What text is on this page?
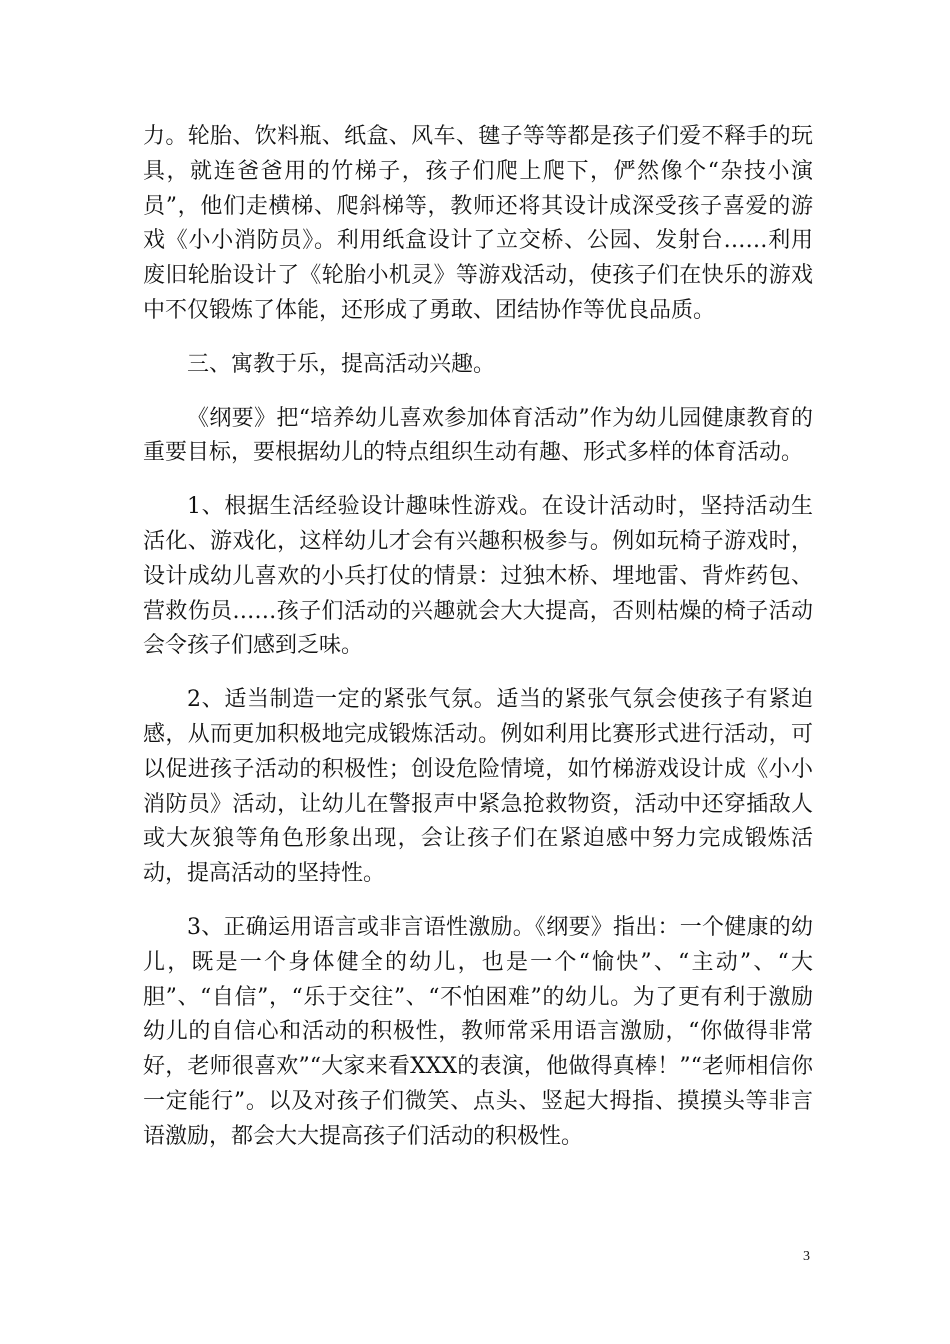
力。轮胎、饮料瓶、纸盒、风车、毽子等等都是孩子们爱不释手的玩具，就连爸爸用的竹梯子，孩子们爬上爬下，俨然像个“杂技小演员”，他们走横梯、爬斜梯等，教师还将其设计成深受孩子喜爱的游戏《小小消防员》。利用纸盒设计了立交桥、公园、发射台……利用废旧轮胎设计了《轮胎小机灵》等游戏活动，使孩子们在快乐的游戏中不仅锻炼了体能，还形成了勇敢、团结协作等优良品质。

三、寓教于乐，提高活动兴趣。

《纲要》把“培养幼儿喜欢参加体育活动”作为幼儿园健康教育的重要目标，要根据幼儿的特点组织生动有趣、形式多样的体育活动。

1、根据生活经验设计趣味性游戏。在设计活动时，坚持活动生活化、游戏化，这样幼儿才会有兴趣积极参与。例如玩椅子游戏时，设计成幼儿喜欢的小兵打仗的情景：过独木桥、埋地雷、背炸药包、营救伤员……孩子们活动的兴趣就会大大提高，否则枯燥的椅子活动会令孩子们感到乏味。

2、适当制造一定的紧张气氛。适当的紧张气氛会使孩子有紧迫感，从而更加积极地完成锻炼活动。例如利用比赛形式进行活动，可以促进孩子活动的积极性；创设危险情境，如竹梯游戏设计成《小小消防员》活动，让幼儿在警报声中紧急抢救物资，活动中还穿插敌人或大灰狼等角色形象出现，会让孩子们在紧迫感中努力完成锻炼活动，提高活动的坚持性。

3、正确运用语言或非言语性激励。《纲要》指出：一个健康的幼儿，既是一个身体健全的幼儿，也是一个“愉快”、“主动”、“大胆”、“自信”，“乐于交往”、“不怕困难”的幼儿。为了更有利于激励幼儿的自信心和活动的积极性，教师常采用语言激励，“你做得非常好，老师很喜欢”“大家来看XXX的表演，他做得真棒！”“老师相信你一定能行”。以及对孩子们微笑、点头、竖起大拇指、摸摸头等非言语激励，都会大大提高孩子们活动的积极性。

3
